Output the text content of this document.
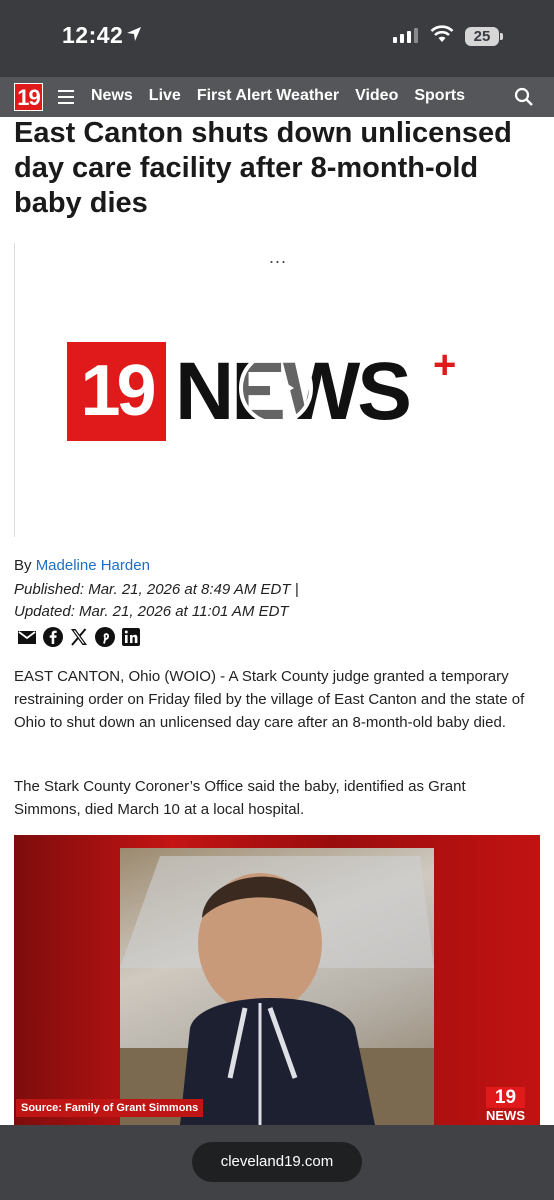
12:42	25
19	News Live First Alert Weather Video Sports
East Canton shuts down unlicensed day care facility after 8-month-old baby dies
...
19 NEWS +
By Madeline Harden
Published: Mar. 21, 2026 at 8:49 AM EDT |
Updated: Mar. 21, 2026 at 11:01 AM EDT

EAST CANTON, Ohio (WOIO) - A Stark County judge granted a temporary restraining order on Friday filed by the village of East Canton and the state of Ohio to shut down an unlicensed day care after an 8-month-old baby died.

The Stark County Coroner’s Office said the baby, identified as Grant Simmons, died March 10 at a local hospital.

Source: Family of Grant Simmons	19
NEWS
cleveland19.com
